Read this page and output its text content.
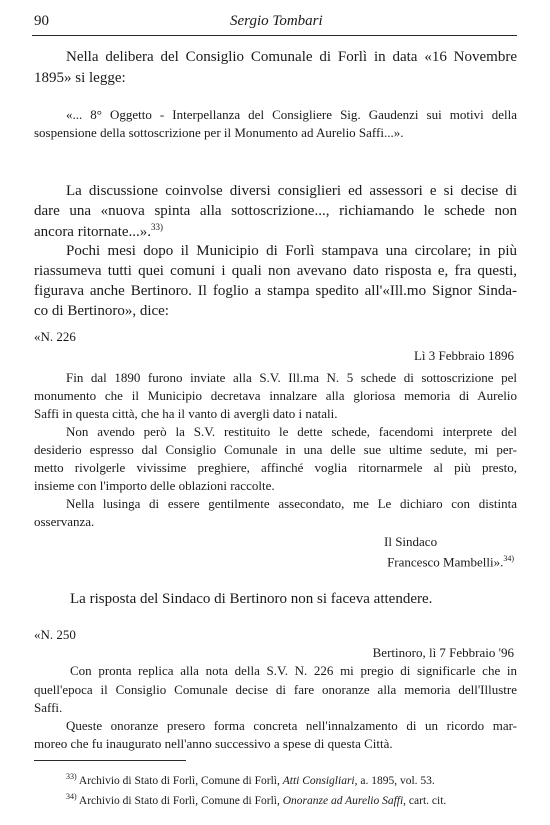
90	Sergio Tombari
Nella delibera del Consiglio Comunale di Forlì in data «16 Novembre
1895» si legge:
«... 8° Oggetto - Interpellanza del Consigliere Sig. Gaudenzi sui motivi della
sospensione della sottoscrizione per il Monumento ad Aurelio Saffi...».
La discussione coinvolse diversi consiglieri ed assessori e si decise di
dare una «nuova spinta alla sottoscrizione..., richiamando le schede non
ancora ritornate...».$^{33)}$
Pochi mesi dopo il Municipio di Forlì stampava una circolare; in più
riassumeva tutti quei comuni i quali non avevano dato risposta e, fra questi,
figurava anche Bertinoro. Il foglio a stampa spedito all'«Ill.mo Signor Sinda-
co di Bertinoro», dice:
«N. 226
Lì 3 Febbraio 1896
Fin dal 1890 furono inviate alla S.V. Ill.ma N. 5 schede di sottoscrizione pel
monumento che il Municipio decretava innalzare alla gloriosa memoria di Aurelio
Saffi in questa città, che ha il vanto di avergli dato i natali.
Non avendo però la S.V. restituito le dette schede, facendomi interprete del
desiderio espresso dal Consiglio Comunale in una delle sue ultime sedute, mi per-
metto rivolgerle vivissime preghiere, affinché voglia ritornarmele al più presto,
insieme con l'importo delle oblazioni raccolte.
Nella lusinga di essere gentilmente assecondato, me Le dichiaro con distinta
osservanza.
Il Sindaco
Francesco Mambelli».$^{34)}$
La risposta del Sindaco di Bertinoro non si faceva attendere.
«N. 250
Bertinoro, lì 7 Febbraio '96
Con pronta replica alla nota della S.V. N. 226 mi pregio di significarle che in
quell'epoca il Consiglio Comunale decise di fare onoranze alla memoria dell'Illustre
Saffi.
Queste onoranze presero forma concreta nell'innalzamento di un ricordo mar-
moreo che fu inaugurato nell'anno successivo a spese di questa Città.
$^{33)}$ Archivio di Stato di Forlì, Comune di Forlì, Atti Consigliari, a. 1895, vol. 53.
$^{34)}$ Archivio di Stato di Forlì, Comune di Forlì, Onoranze ad Aurelio Saffi, cart. cit.
